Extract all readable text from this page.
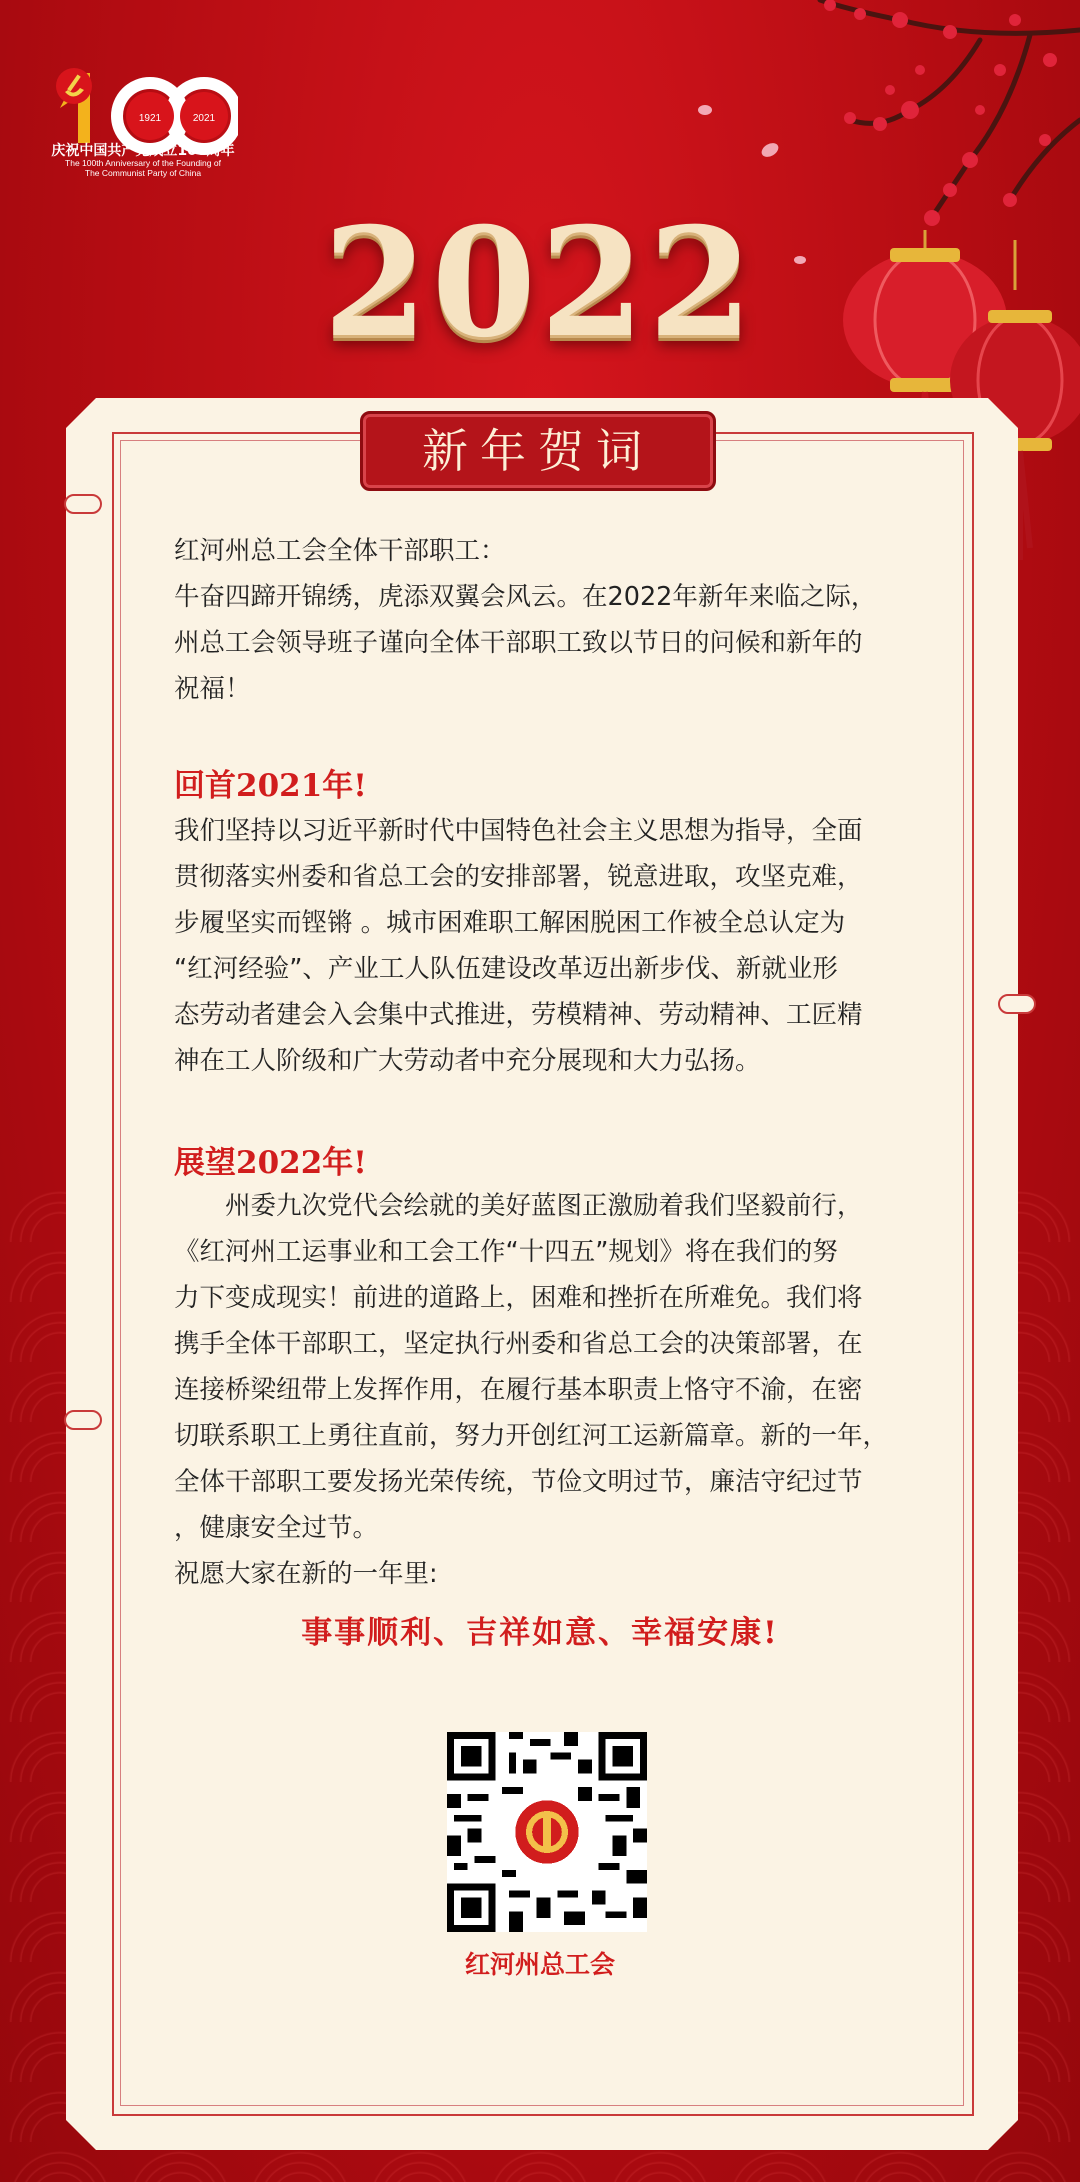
1921	2021
庆祝中国共产党成立100周年
The 100th Anniversary of the Founding of
The Communist Party of China
2022
新年贺词

红河州总工会全体干部职工：

牛奋四蹄开锦绣，虎添双翼会风云。在2022年新年来临之际，

州总工会领导班子谨向全体干部职工致以节日的问候和新年的

祝福！

回首2021年!

我们坚持以习近平新时代中国特色社会主义思想为指导，全面

贯彻落实州委和省总工会的安排部署，锐意进取，攻坚克难，

步履坚实而铿锵 。城市困难职工解困脱困工作被全总认定为

“红河经验”、产业工人队伍建设改革迈出新步伐、新就业形

态劳动者建会入会集中式推进，劳模精神、劳动精神、工匠精

神在工人阶级和广大劳动者中充分展现和大力弘扬。

展望2022年!

州委九次党代会绘就的美好蓝图正激励着我们坚毅前行，

《红河州工运事业和工会工作“十四五”规划》将在我们的努

力下变成现实！前进的道路上，困难和挫折在所难免。我们将

携手全体干部职工，坚定执行州委和省总工会的决策部署，在

连接桥梁纽带上发挥作用，在履行基本职责上恪守不渝，在密

切联系职工上勇往直前，努力开创红河工运新篇章。新的一年，

全体干部职工要发扬光荣传统，节俭文明过节，廉洁守纪过节

，健康安全过节。

祝愿大家在新的一年里:

事事顺利、吉祥如意、幸福安康!
红河州总工会
